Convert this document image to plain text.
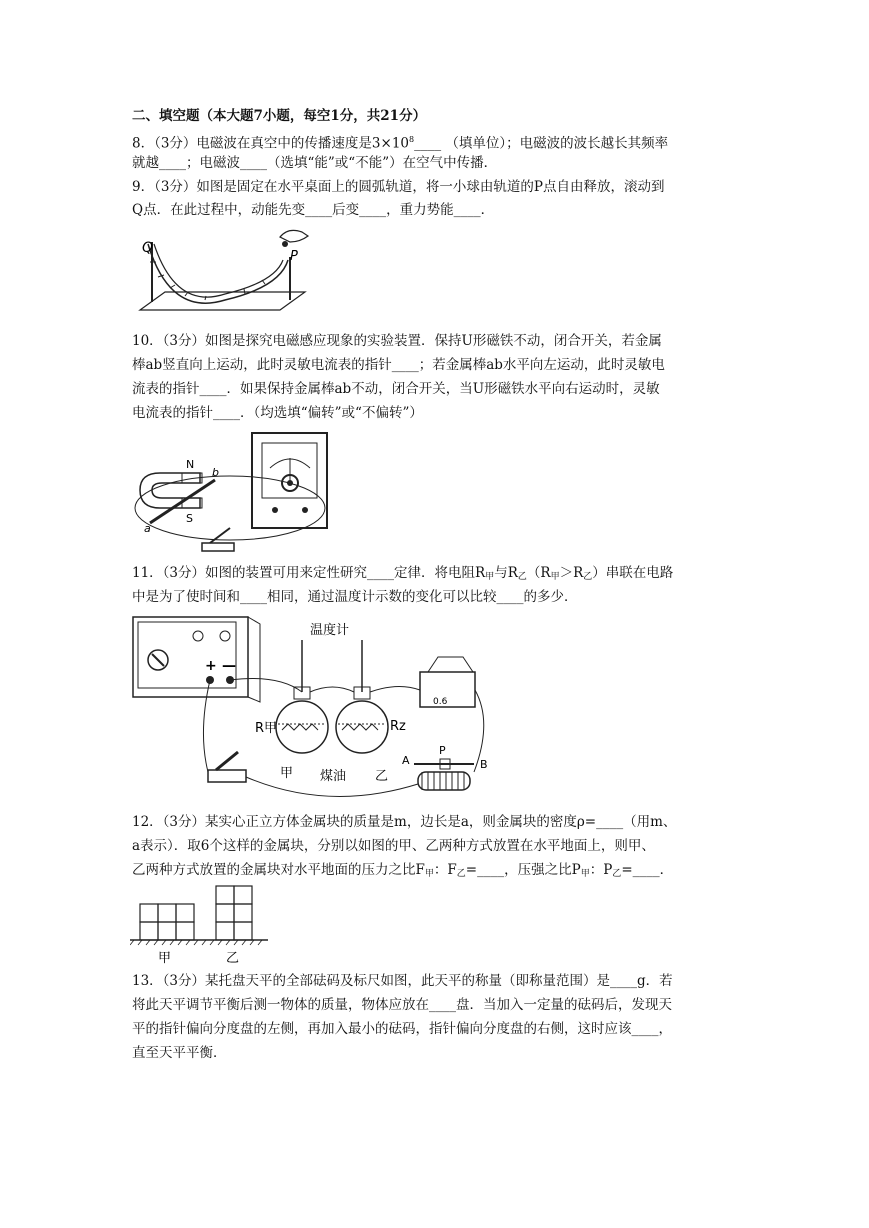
二、填空题（本大题7小题，每空1分，共21分）
8．（3分）电磁波在真空中的传播速度是$3\times 10^8\_\_\_\_$ （填单位）；电磁波的波长越长其频率
就越____；电磁波____（选填“能”或“不能”）在空气中传播．
9．（3分）如图是固定在水平桌面上的圆弧轨道，将一小球由轨道的P点自由释放，滚动到
Q点．在此过程中，动能先变____后变____，重力势能____．
Q
P
10．（3分）如图是探究电磁感应现象的实验装置．保持U形磁铁不动，闭合开关，若金属
棒ab竖直向上运动，此时灵敏电流表的指针____；若金属棒ab水平向左运动，此时灵敏电
流表的指针____．如果保持金属棒ab不动，闭合开关，当U形磁铁水平向右运动时，灵敏
电流表的指针____．（均选填“偏转”或“不偏转”）
N
S
a
b
11．（3分）如图的装置可用来定性研究____定律．将电阻$R_甲$与$R_乙(R_甲>R_乙)$串联在电路
中是为了使时间和____相同，通过温度计示数的变化可以比较____的多少．
+ —
温度计
R甲	Rz
甲 煤油 乙
0.6
A
P
B
12．（3分）某实心正立方体金属块的质量是m，边长是a，则金属块的密度ρ=____（用m、
a表示）．取6个这样的金属块，分别以如图的甲、乙两种方式放置在水平地面上，则甲、
乙两种方式放置的金属块对水平地面的压力之比$F_甲$：$F_乙=\_\_\_\_$，压强之比$P_甲$：$P_乙=\_\_\_\_$．
甲	乙
13．（3分）某托盘天平的全部砝码及标尺如图，此天平的称量（即称量范围）是____g．若
将此天平调节平衡后测一物体的质量，物体应放在____盘．当加入一定量的砝码后，发现天
平的指针偏向分度盘的左侧，再加入最小的砝码，指针偏向分度盘的右侧，这时应该____，
直至天平平衡．
